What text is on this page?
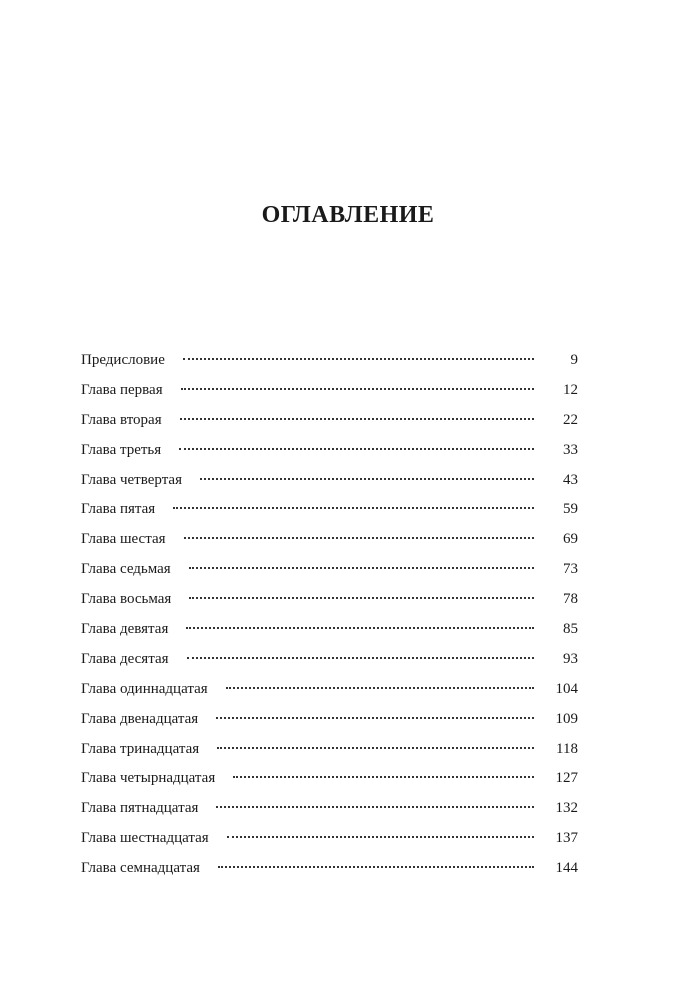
ОГЛАВЛЕНИЕ
Предисловие	9
Глава первая	12
Глава вторая	22
Глава третья	33
Глава четвертая	43
Глава пятая	59
Глава шестая	69
Глава седьмая	73
Глава восьмая	78
Глава девятая	85
Глава десятая	93
Глава одиннадцатая	104
Глава двенадцатая	109
Глава тринадцатая	118
Глава четырнадцатая	127
Глава пятнадцатая	132
Глава шестнадцатая	137
Глава семнадцатая	144
